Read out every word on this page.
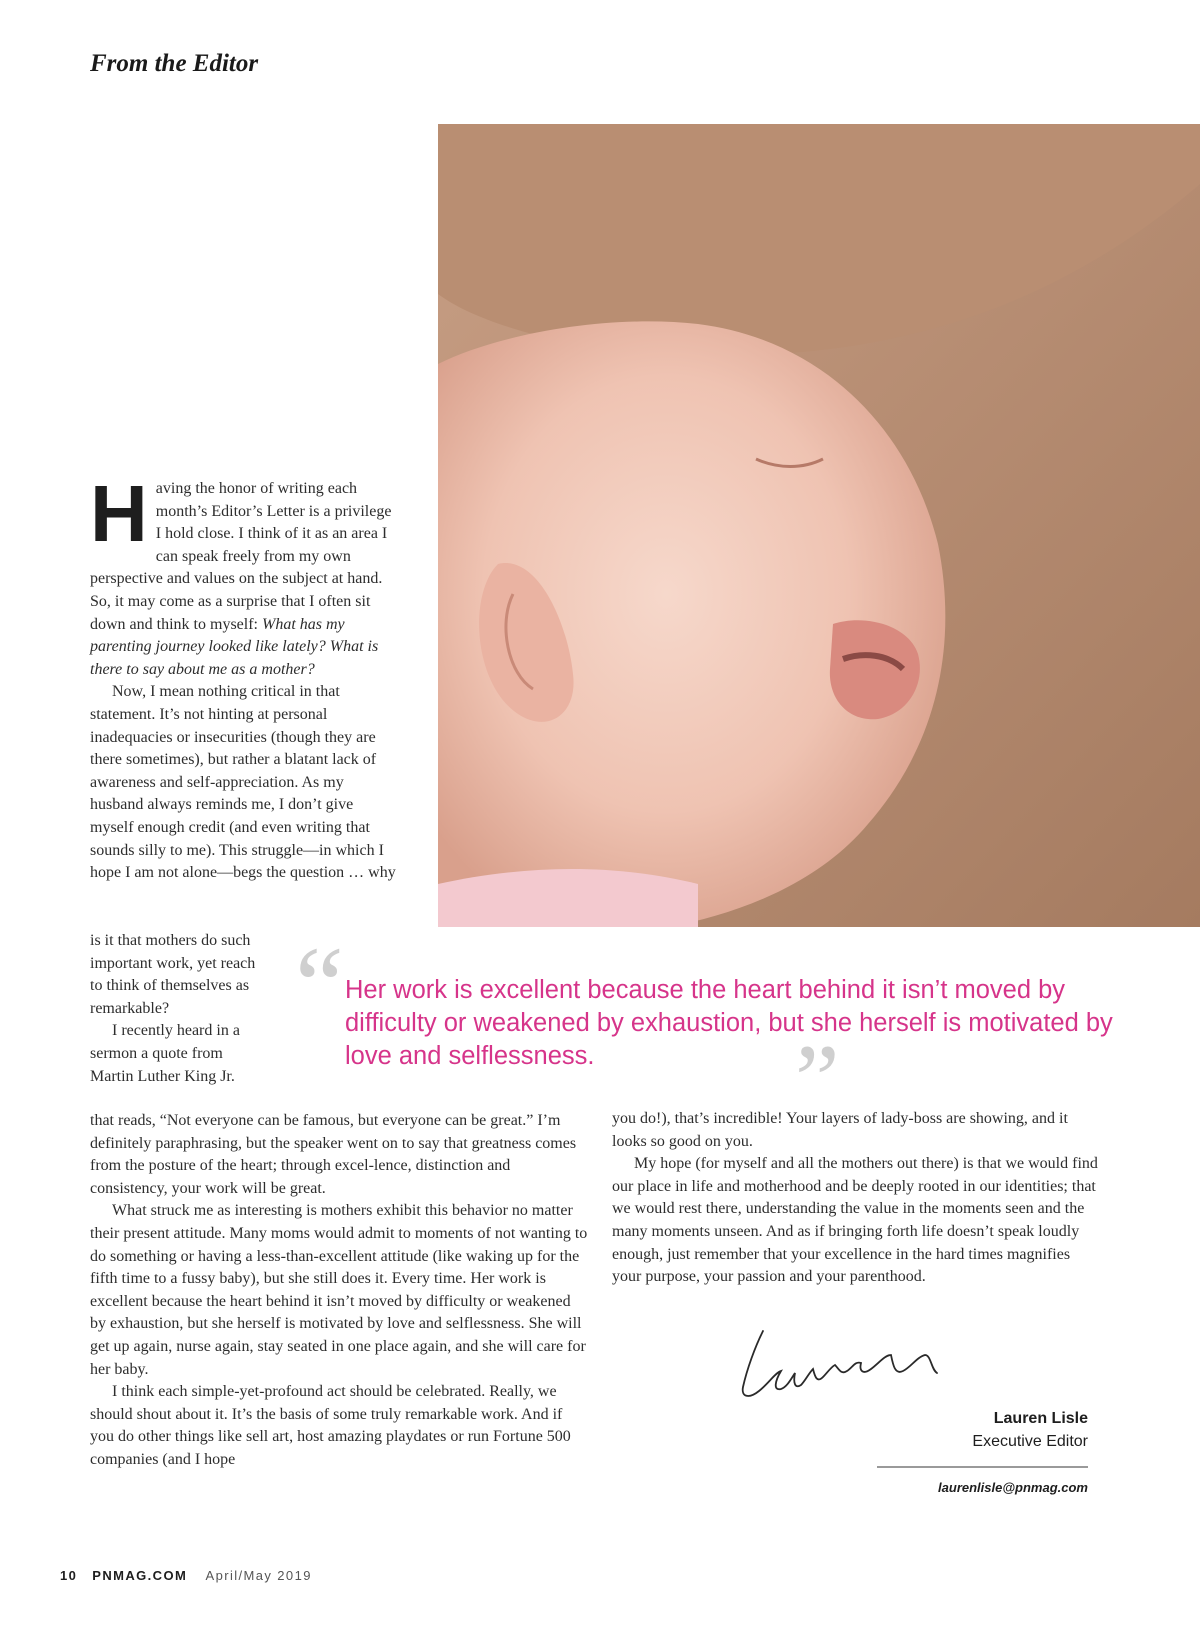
From the Editor

Having the honor of writing each month’s Editor’s Letter is a privilege I hold close. I think of it as an area I can speak freely from my own perspective and values on the subject at hand. So, it may come as a surprise that I often sit down and think to myself: What has my parenting journey looked like lately? What is there to say about me as a mother?

Now, I mean nothing critical in that statement. It’s not hinting at personal inadequacies or insecurities (though they are there sometimes), but rather a blatant lack of awareness and self-appreciation. As my husband always reminds me, I don’t give myself enough credit (and even writing that sounds silly to me). This struggle—in which I hope I am not alone—begs the question … why

is it that mothers do such important work, yet reach to think of themselves as remarkable?

I recently heard in a sermon a quote from Martin Luther King Jr.

that reads, “Not everyone can be famous, but everyone can be great.” I’m definitely paraphrasing, but the speaker went on to say that greatness comes from the posture of the heart; through excel-lence, distinction and consistency, your work will be great.

What struck me as interesting is mothers exhibit this behavior no matter their present attitude. Many moms would admit to moments of not wanting to do something or having a less-than-excellent attitude (like waking up for the fifth time to a fussy baby), but she still does it. Every time. Her work is excellent because the heart behind it isn’t moved by difficulty or weakened by exhaustion, but she herself is motivated by love and selflessness. She will get up again, nurse again, stay seated in one place again, and she will care for her baby.

I think each simple-yet-profound act should be celebrated. Really, we should shout about it. It’s the basis of some truly remarkable work. And if you do other things like sell art, host amazing playdates or run Fortune 500 companies (and I hope

you do!), that’s incredible! Your layers of lady-boss are showing, and it looks so good on you.

My hope (for myself and all the mothers out there) is that we would find our place in life and motherhood and be deeply rooted in our identities; that we would rest there, understanding the value in the moments seen and the many moments unseen. And as if bringing forth life doesn’t speak loudly enough, just remember that your excellence in the hard times magnifies your purpose, your passion and your parenthood.

“ Her work is excellent because the heart behind it isn’t moved by difficulty or weakened by exhaustion, but she herself is motivated by love and selflessness.	”

Lauren Lisle

Executive Editor

laurenlisle@pnmag.com

10 PNMAG.COM April/May 2019
